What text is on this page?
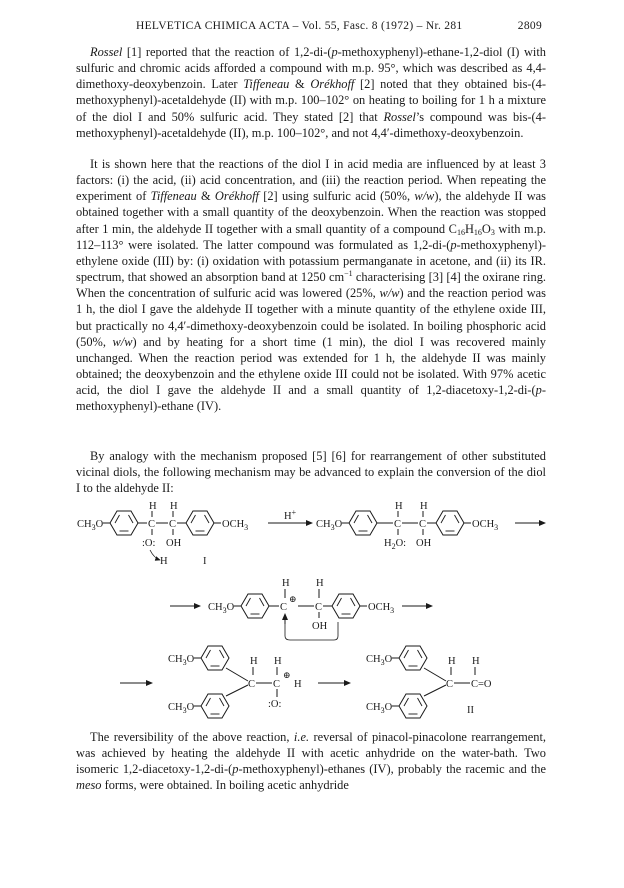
HELVETICA CHIMICA ACTA – Vol. 55, Fasc. 8 (1972) – Nr. 281	2809

Rossel [1] reported that the reaction of 1,2-di-(p-methoxyphenyl)-ethane-1,2-diol (I) with sulfuric and chromic acids afforded a compound with m.p. 95°, which was described as 4,4-dimethoxy-deoxybenzoin. Later Tiffeneau & Orékhoff [2] noted that they obtained bis-(4-methoxyphenyl)-acetaldehyde (II) with m.p. 100–102° on heating to boiling for 1 h a mixture of the diol I and 50% sulfuric acid. They stated [2] that Rossel’s compound was bis-(4-methoxyphenyl)-acetaldehyde (II), m.p. 100–102°, and not 4,4′-dimethoxy-deoxybenzoin.

It is shown here that the reactions of the diol I in acid media are influenced by at least 3 factors: (i) the acid, (ii) acid concentration, and (iii) the reaction period. When repeating the experiment of Tiffeneau & Orékhoff [2] using sulfuric acid (50%, w/w), the aldehyde II was obtained together with a small quantity of the deoxybenzoin. When the reaction was stopped after 1 min, the aldehyde II together with a small quantity of a compound $C_{16}H_{16}O_3$ with m.p. 112–113° were isolated. The latter compound was formulated as 1,2-di-(p-methoxyphenyl)-ethylene oxide (III) by: (i) oxidation with potassium permanganate in acetone, and (ii) its IR. spectrum, that showed an absorption band at 1250 $cm^{-1}$ characterising [3] [4] the oxirane ring. When the concentration of sulfuric acid was lowered (25%, w/w) and the reaction period was 1 h, the diol I gave the aldehyde II together with a minute quantity of the ethylene oxide III, but practically no 4,4′-dimethoxy-deoxybenzoin could be isolated. In boiling phosphoric acid (50%, w/w) and by heating for a short time (1 min), the diol I was recovered mainly unchanged. When the reaction period was extended for 1 h, the aldehyde II was mainly obtained; the deoxybenzoin and the ethylene oxide III could not be isolated. With 97% acetic acid, the diol I gave the aldehyde II and a small quantity of 1,2-diacetoxy-1,2-di-(p-methoxyphenyl)-ethane (IV).

By analogy with the mechanism proposed [5] [6] for rearrangement of other substituted vicinal diols, the following mechanism may be advanced to explain the conversion of the diol I to the aldehyde II:

$CH_3O$	C C	$OCH_3$
H H
:O: OH
H	I
H+
$CH_3O$	C C	$OCH_3$
H H
$H_2O$: OH
$CH_3O$	C
⊕
C	$OCH_3$
H	H
OH
$CH_3O$
$CH_3O$
C C
⊕
H
H H
:O:
$CH_3O$
$CH_3O$
C C=O
H H
II

The reversibility of the above reaction, i.e. reversal of pinacol-pinacolone rearrangement, was achieved by heating the aldehyde II with acetic anhydride on the water-bath. Two isomeric 1,2-diacetoxy-1,2-di-(p-methoxyphenyl)-ethanes (IV), probably the racemic and the meso forms, were obtained. In boiling acetic anhydride
